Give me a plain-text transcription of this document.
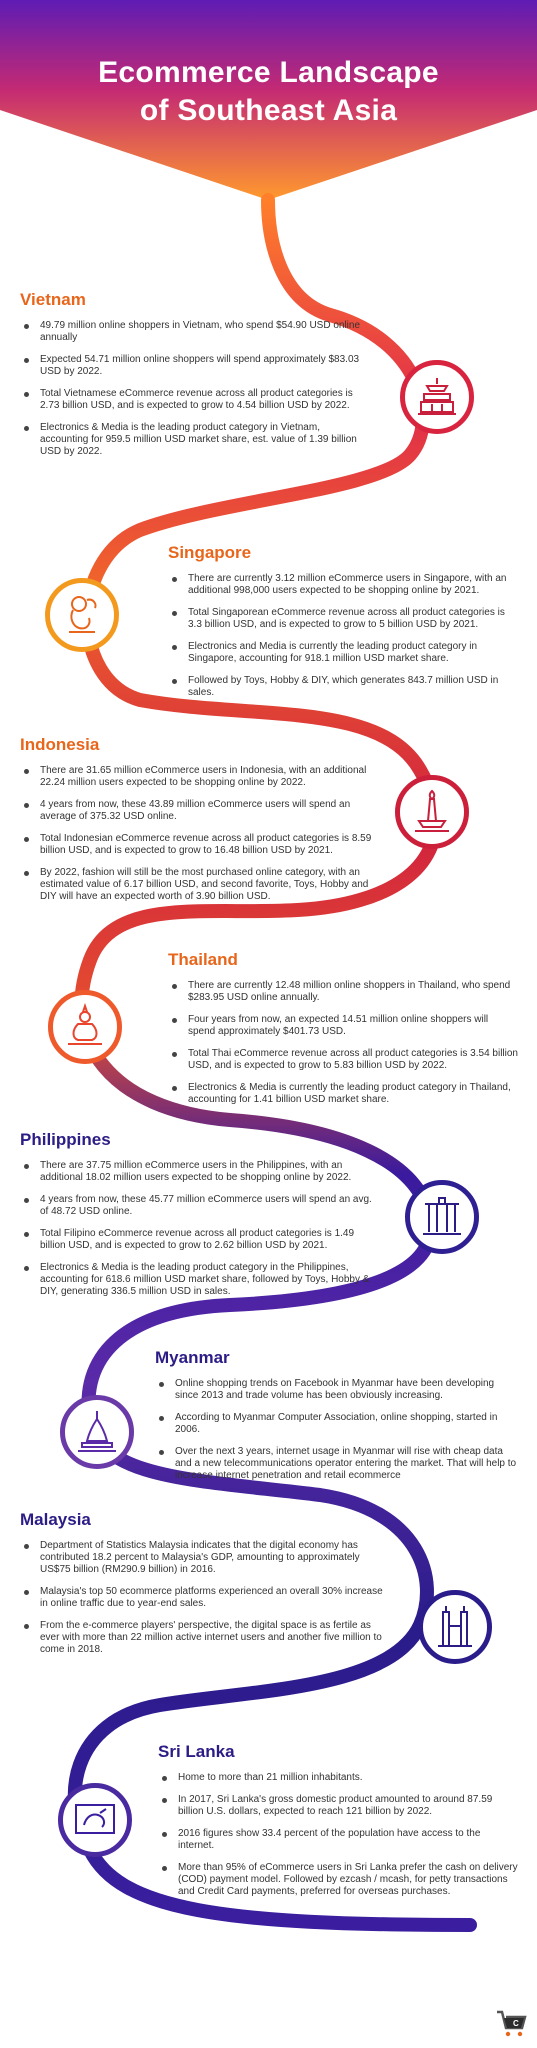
Ecommerce Landscape
of Southeast Asia
Vietnam
49.79 million online shoppers in Vietnam, who spend $54.90 USD online annually
Expected 54.71 million online shoppers will spend approximately $83.03 USD by 2022.
Total Vietnamese eCommerce revenue across all product categories is 2.73 billion USD, and is expected to grow to 4.54 billion USD by 2022.
Electronics & Media is the leading product category in Vietnam, accounting for 959.5 million USD market share, est. value of 1.39 billion USD by 2022.
Singapore
There are currently 3.12 million eCommerce users in Singapore, with an additional 998,000 users expected to be shopping online by 2021.
Total Singaporean eCommerce revenue across all product categories is 3.3 billion USD, and is expected to grow to 5 billion USD by 2021.
Electronics and Media is currently the leading product category in Singapore, accounting for 918.1 million USD market share.
Followed by Toys, Hobby & DIY, which generates 843.7 million USD in sales.
Indonesia
There are 31.65 million eCommerce users in Indonesia, with an additional 22.24 million users expected to be shopping online by 2022.
4 years from now, these 43.89 million eCommerce users will spend an average of 375.32 USD online.
Total Indonesian eCommerce revenue across all product categories is 8.59 billion USD, and is expected to grow to 16.48 billion USD by 2021.
By 2022, fashion will still be the most purchased online category, with an estimated value of 6.17 billion USD, and second favorite, Toys, Hobby and DIY will have an expected worth of 3.90 billion USD.
Thailand
There are currently 12.48 million online shoppers in Thailand, who spend $283.95 USD online annually.
Four years from now, an expected 14.51 million online shoppers will spend approximately $401.73 USD.
Total Thai eCommerce revenue across all product categories is 3.54 billion USD, and is expected to grow to 5.83 billion USD by 2022.
Electronics & Media is currently the leading product category in Thailand, accounting for 1.41 billion USD market share.
Philippines
There are 37.75 million eCommerce users in the Philippines, with an additional 18.02 million users expected to be shopping online by 2022.
4 years from now, these 45.77 million eCommerce users will spend an avg. of 48.72 USD online.
Total Filipino eCommerce revenue across all product categories is 1.49 billion USD, and is expected to grow to 2.62 billion USD by 2021.
Electronics & Media is the leading product category in the Philippines, accounting for 618.6 million USD market share, followed by Toys, Hobby & DIY, generating 336.5 million USD in sales.
Myanmar
Online shopping trends on Facebook in Myanmar have been developing since 2013 and trade volume has been obviously increasing.
According to Myanmar Computer Association, online shopping, started in 2006.
Over the next 3 years, internet usage in Myanmar will rise with cheap data and a new telecommunications operator entering the market. That will help to increase internet penetration and retail ecommerce
Malaysia
Department of Statistics Malaysia indicates that the digital economy has contributed 18.2 percent to Malaysia's GDP, amounting to approximately US$75 billion (RM290.9 billion) in 2016.
Malaysia's top 50 ecommerce platforms experienced an overall 30% increase in online traffic due to year-end sales.
From the e-commerce players' perspective, the digital space is as fertile as ever with more than 22 million active internet users and another five million to come in 2018.
Sri Lanka
Home to more than 21 million inhabitants.
In 2017, Sri Lanka's gross domestic product amounted to around 87.59 billion U.S. dollars, expected to reach 121 billion by 2022.
2016 figures show 33.4 percent of the population have access to the internet.
More than 95% of eCommerce users in Sri Lanka prefer the cash on delivery (COD) payment model. Followed by ezcash / mcash, for petty transactions and Credit Card payments, preferred for overseas purchases.
C
